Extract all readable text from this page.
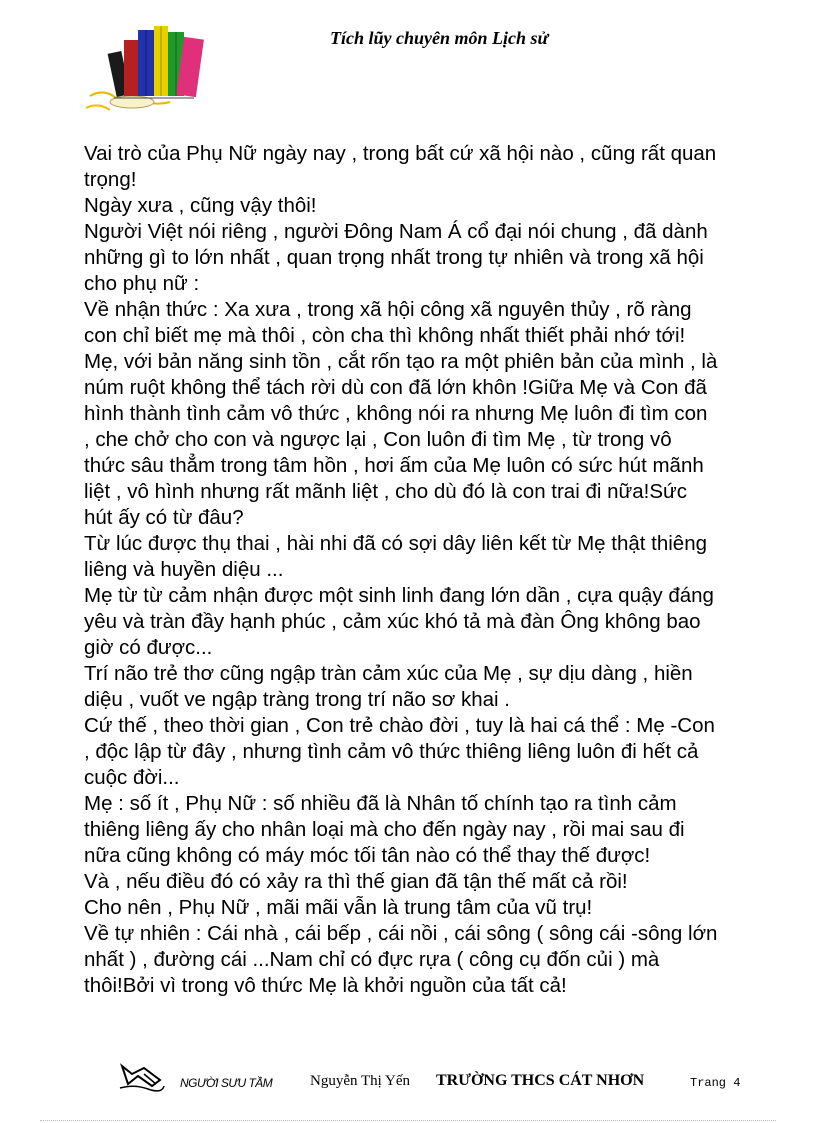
Tích lũy chuyên môn Lịch sử
Vai trò của Phụ Nữ ngày nay , trong bất cứ xã hội nào , cũng rất quan
trọng!
Ngày xưa , cũng vậy thôi!
Người Việt nói riêng , người Đông Nam Á cổ đại nói chung , đã dành
những gì to lớn nhất , quan trọng nhất trong tự nhiên và trong xã hội
cho phụ nữ :
Về nhận thức : Xa xưa , trong xã hội công xã nguyên thủy , rõ ràng
con chỉ biết mẹ mà thôi , còn cha thì không nhất thiết phải nhớ tới!
Mẹ, với bản năng sinh tồn , cắt rốn tạo ra một phiên bản của mình , là
núm ruột không thể tách rời dù con đã lớn khôn !Giữa Mẹ và Con đã
hình thành tình cảm vô thức , không nói ra nhưng Mẹ luôn đi tìm con
, che chở cho con và ngược lại , Con luôn đi tìm Mẹ , từ trong vô
thức sâu thẳm trong tâm hồn , hơi ấm của Mẹ luôn có sức hút mãnh
liệt , vô hình nhưng rất mãnh liệt , cho dù đó là con trai đi nữa!Sức
hút ấy có từ đâu?
Từ lúc được thụ thai , hài nhi đã có sợi dây liên kết từ Mẹ thật thiêng
liêng và huyền diệu ...
Mẹ từ từ cảm nhận được một sinh linh đang lớn dần , cựa quậy đáng
yêu và tràn đầy hạnh phúc , cảm xúc khó tả mà đàn Ông không bao
giờ có được...
Trí não trẻ thơ cũng ngập tràn cảm xúc của Mẹ , sự dịu dàng , hiền
diệu , vuốt ve ngập tràng trong trí não sơ khai .
Cứ thế , theo thời gian , Con trẻ chào đời , tuy là hai cá thể : Mẹ -Con
, độc lập từ đây , nhưng tình cảm vô thức thiêng liêng luôn đi hết cả
cuộc đời...
Mẹ : số ít , Phụ Nữ : số nhiều đã là Nhân tố chính tạo ra tình cảm
thiêng liêng ấy cho nhân loại mà cho đến ngày nay , rồi mai sau đi
nữa cũng không có máy móc tối tân nào có thể thay thế được!
Và , nếu điều đó có xảy ra thì thế gian đã tận thế mất cả rồi!
Cho nên , Phụ Nữ , mãi mãi vẫn là trung tâm của vũ trụ!
Về tự nhiên : Cái nhà , cái bếp , cái nồi , cái sông ( sông cái -sông lớn
nhất ) , đường cái ...Nam chỉ có đực rựa ( công cụ đốn củi ) mà
thôi!Bởi vì trong vô thức Mẹ là khởi nguồn của tất cả!
NGƯỜI SƯU TẦM	Nguyễn Thị Yến TRƯỜNG THCS CÁT NHƠN	Trang 4
